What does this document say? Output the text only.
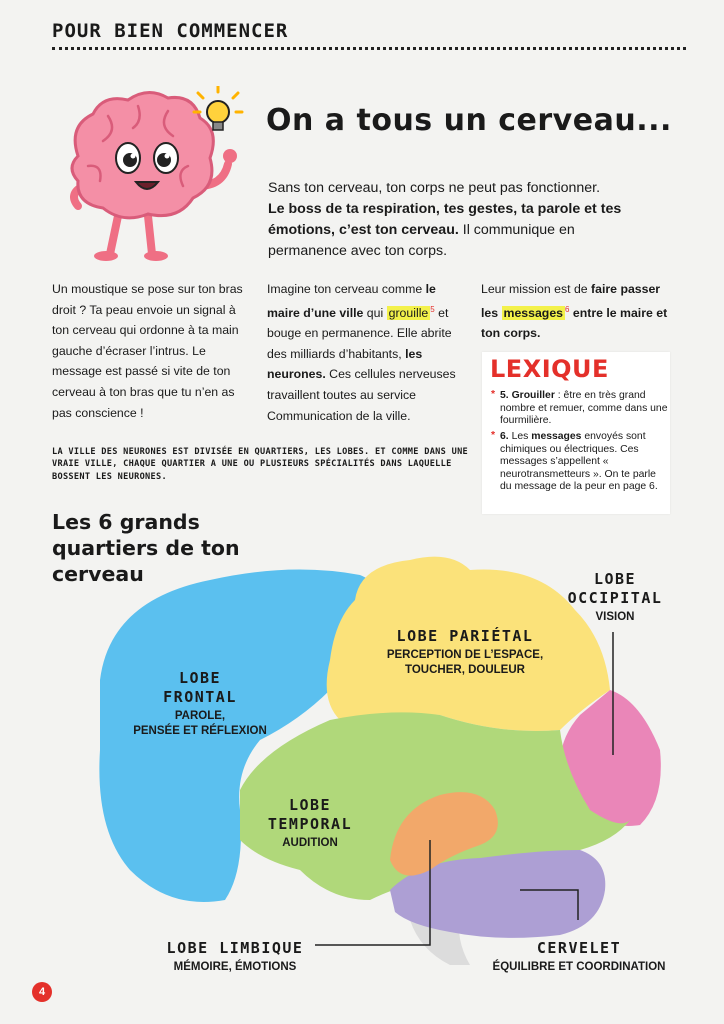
POUR BIEN COMMENCER
On a tous un cerveau...
Sans ton cerveau, ton corps ne peut pas fonctionner.
Le boss de ta respiration, tes gestes, ta parole et tes émotions, c’est ton cerveau. Il communique en permanence avec ton corps.
Un moustique se pose sur ton bras droit ? Ta peau envoie un signal à ton cerveau qui ordonne à ta main gauche d’écraser l’intrus. Le message est passé si vite de ton cerveau à ton bras que tu n’en as pas conscience !
Imagine ton cerveau comme le maire d’une ville qui grouille $^5$ et bouge en permanence. Elle abrite des milliards d’habitants, les neurones. Ces cellules nerveuses travaillent toutes au service Communication de la ville.
Leur mission est de faire passer les messages $^6$ entre le maire et ton corps.
LEXIQUE
* 5. Grouiller : être en très grand nombre et remuer, comme dans une fourmilière.
* 6. Les messages envoyés sont chimiques ou électriques. Ces messages s’appellent « neurotransmetteurs ». On te parle du message de la peur en page 6.
LA VILLE DES NEURONES EST DIVISÉE EN QUARTIERS, LES LOBES. ET COMME DANS UNE VRAIE VILLE, CHAQUE QUARTIER A UNE OU PLUSIEURS SPÉCIALITÉS DANS LAQUELLE BOSSENT LES NEURONES.
Les 6 grands quartiers de ton cerveau
LOBE
FRONTAL
PAROLE,
PENSÉE ET RÉFLEXION
LOBE PARIÉTAL
PERCEPTION DE L’ESPACE,
TOUCHER, DOULEUR
LOBE
OCCIPITAL
VISION
LOBE
TEMPORAL
AUDITION
LOBE LIMBIQUE
MÉMOIRE, ÉMOTIONS
CERVELET
ÉQUILIBRE ET COORDINATION
4
